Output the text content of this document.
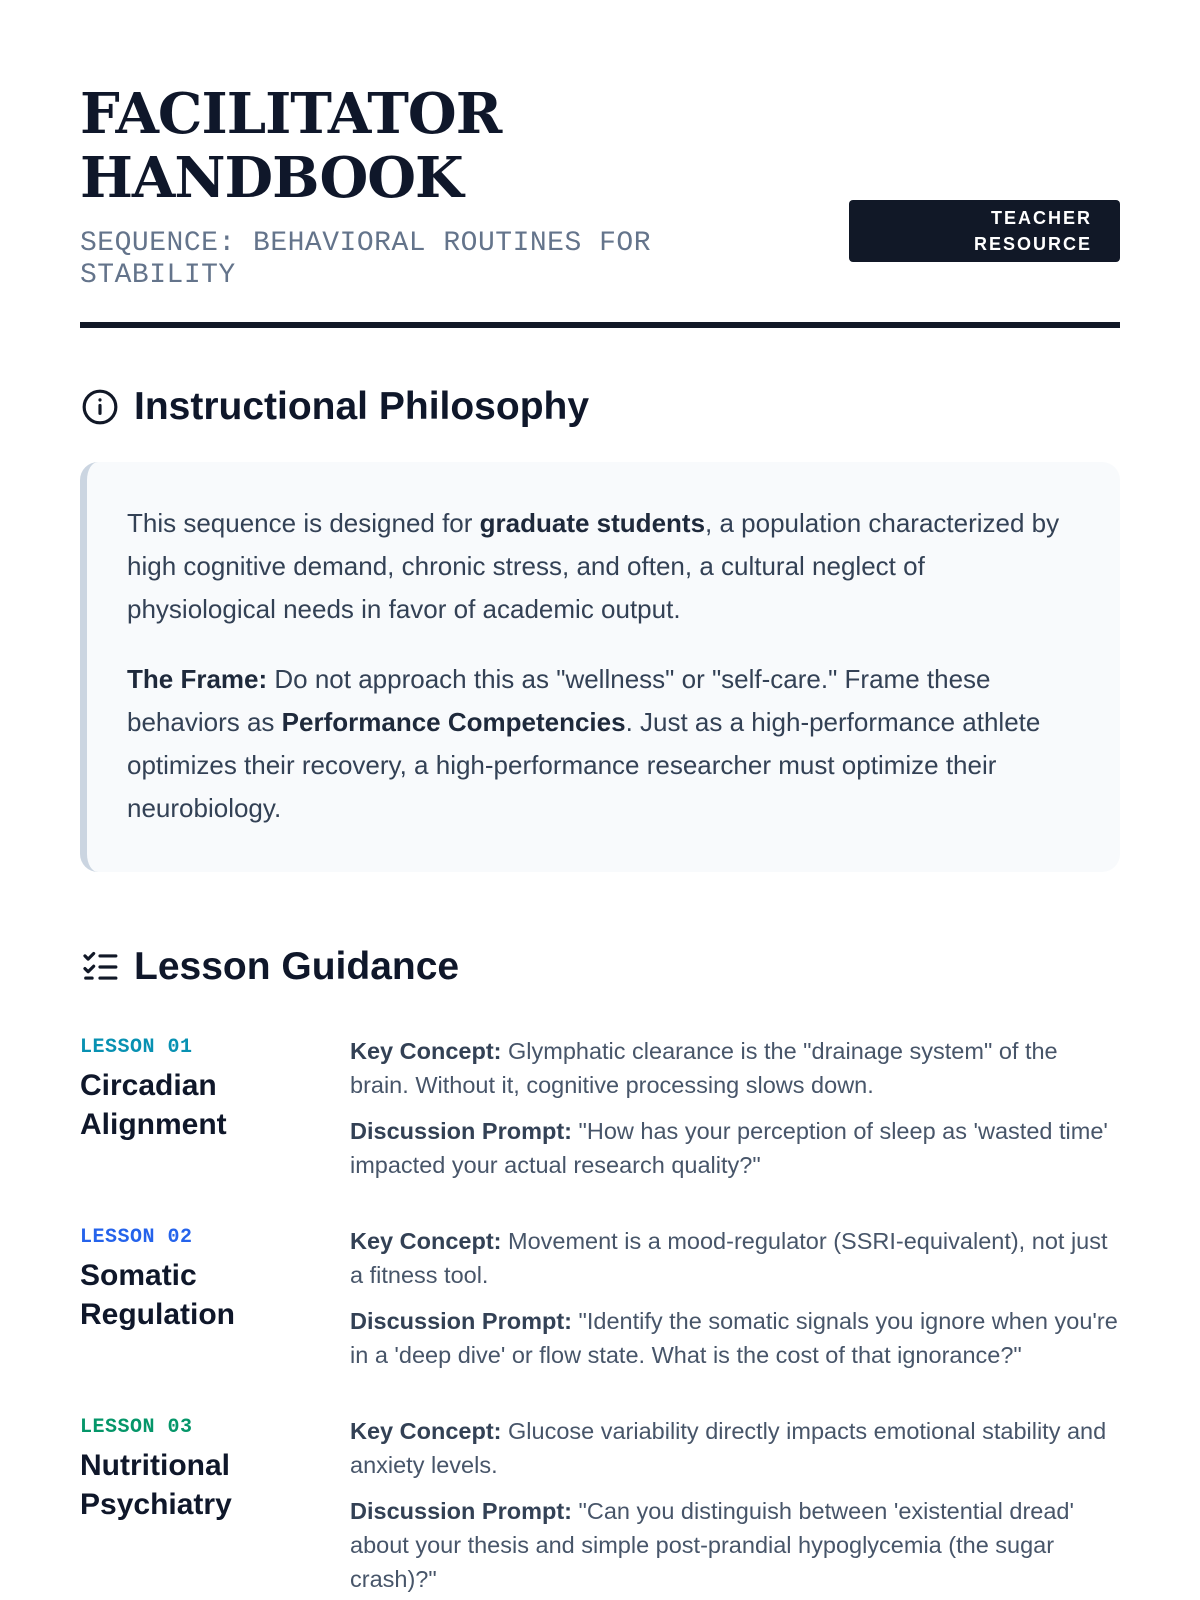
FACILITATOR HANDBOOK
SEQUENCE: BEHAVIORAL ROUTINES FOR STABILITY
TEACHER
RESOURCE
Instructional Philosophy

This sequence is designed for graduate students, a population characterized by high cognitive demand, chronic stress, and often, a cultural neglect of physiological needs in favor of academic output.

The Frame: Do not approach this as "wellness" or "self-care." Frame these behaviors as Performance Competencies. Just as a high-performance athlete optimizes their recovery, a high-performance researcher must optimize their neurobiology.

Lesson Guidance
LESSON 01
Circadian Alignment

Key Concept: Glymphatic clearance is the "drainage system" of the brain. Without it, cognitive processing slows down.

Discussion Prompt: "How has your perception of sleep as 'wasted time' impacted your actual research quality?"

LESSON 02
Somatic Regulation

Key Concept: Movement is a mood-regulator (SSRI-equivalent), not just a fitness tool.

Discussion Prompt: "Identify the somatic signals you ignore when you're in a 'deep dive' or flow state. What is the cost of that ignorance?"

LESSON 03
Nutritional Psychiatry

Key Concept: Glucose variability directly impacts emotional stability and anxiety levels.

Discussion Prompt: "Can you distinguish between 'existential dread' about your thesis and simple post-prandial hypoglycemia (the sugar crash)?"
